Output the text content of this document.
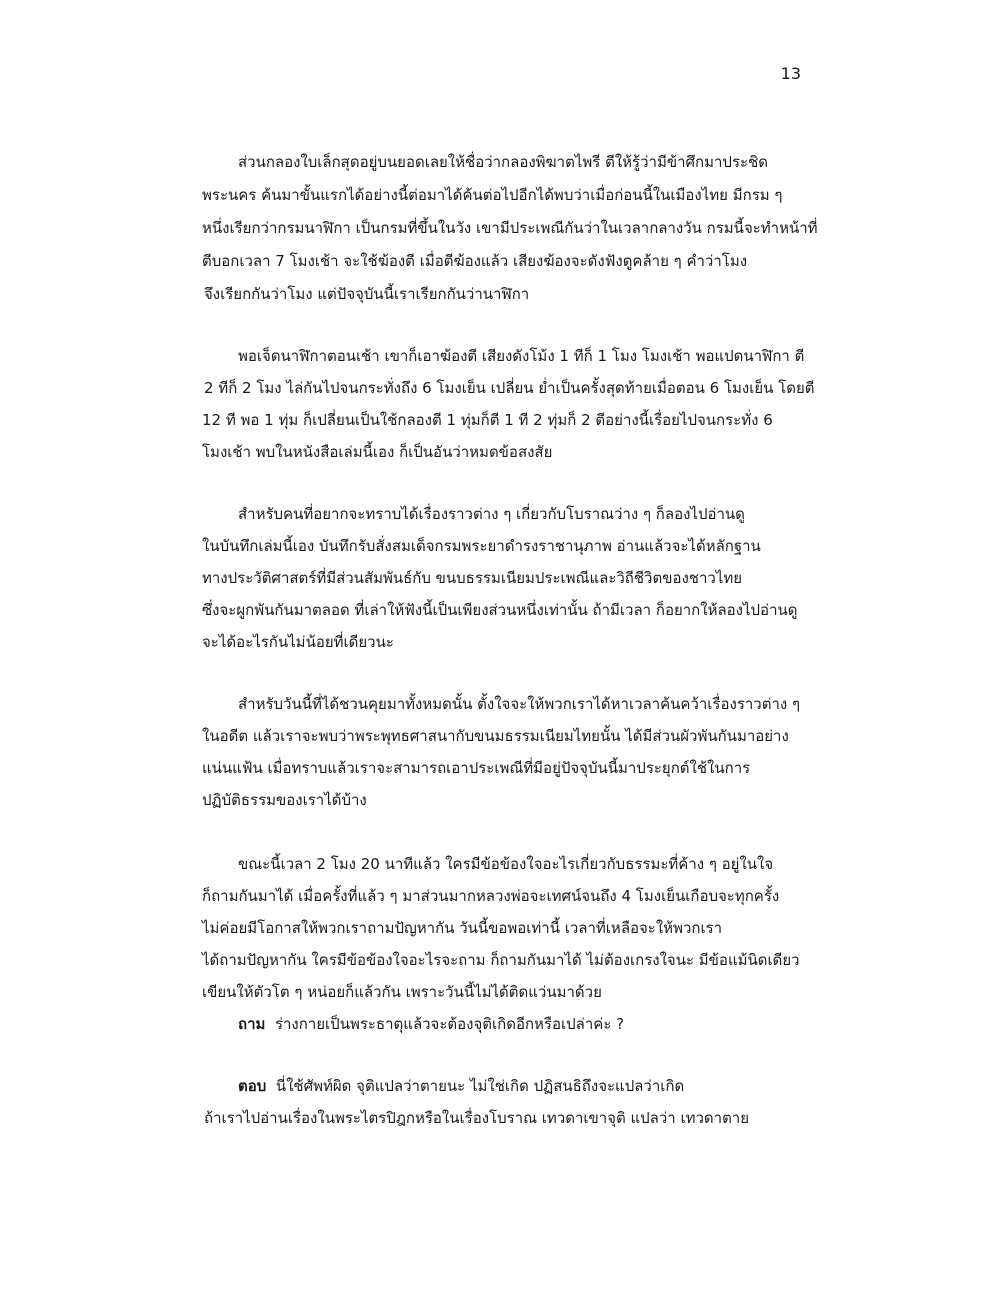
13
ส่วนกลองใบเล็กสุดอยู่บนยอดเลยให้ชื่อว่ากลองพิฆาตไพรี ตีให้รู้ว่ามีข้าศึกมาประชิด
พระนคร ค้นมาขั้นแรกได้อย่างนี้ต่อมาได้ค้นต่อไปอีกได้พบว่าเมื่อก่อนนี้ในเมืองไทย มีกรม ๆ
หนึ่งเรียกว่ากรมนาฬิกา เป็นกรมที่ขึ้นในวัง เขามีประเพณีกันว่าในเวลากลางวัน กรมนี้จะทำหน้าที่
ตีบอกเวลา 7 โมงเช้า จะใช้ฆ้องตี เมื่อตีฆ้องแล้ว เสียงฆ้องจะดังฟังดูคล้าย ๆ คำว่าโมง
จึงเรียกกันว่าโมง แต่ปัจจุบันนี้เราเรียกกันว่านาฬิกา
พอเจ็ดนาฬิกาตอนเช้า เขาก็เอาฆ้องตี เสียงดังโม้ง 1 ทีก็ 1 โมง โมงเช้า พอแปดนาฬิกา ตี
2 ทีก็ 2 โมง ไล่กันไปจนกระทั่งถึง 6 โมงเย็น เปลี่ยน ย่ำเป็นครั้งสุดท้ายเมื่อตอน 6 โมงเย็น โดยตี
12 ที พอ 1 ทุ่ม ก็เปลี่ยนเป็นใช้กลองตี 1 ทุ่มก็ตี 1 ที 2 ทุ่มก็ 2 ตีอย่างนี้เรื่อยไปจนกระทั่ง 6
โมงเช้า พบในหนังสือเล่มนี้เอง ก็เป็นอันว่าหมดข้อสงสัย
สำหรับคนที่อยากจะทราบได้เรื่องราวต่าง ๆ เกี่ยวกับโบราณว่าง ๆ ก็ลองไปอ่านดู
ในบันทึกเล่มนี้เอง บันทึกรับสั่งสมเด็จกรมพระยาดำรงราชานุภาพ อ่านแล้วจะได้หลักฐาน
ทางประวัติศาสตร์ที่มีส่วนสัมพันธ์กับ ขนบธรรมเนียมประเพณีและวิถีชีวิตของชาวไทย
ซึ่งจะผูกพันกันมาตลอด ที่เล่าให้ฟังนี้เป็นเพียงส่วนหนึ่งเท่านั้น ถ้ามีเวลา ก็อยากให้ลองไปอ่านดู
จะได้อะไรกันไม่น้อยที่เดียวนะ
สำหรับวันนี้ที่ได้ชวนคุยมาทั้งหมดนั้น ตั้งใจจะให้พวกเราได้หาเวลาค้นคว้าเรื่องราวต่าง ๆ
ในอดีต แล้วเราจะพบว่าพระพุทธศาสนากับขนมธรรมเนียมไทยนั้น ได้มีส่วนผัวพันกันมาอย่าง
แน่นแฟ้น เมื่อทราบแล้วเราจะสามารถเอาประเพณีที่มีอยู่ปัจจุบันนี้มาประยุกต์ใช้ในการ
ปฏิบัติธรรมของเราได้บ้าง
ขณะนี้เวลา 2 โมง 20 นาทีแล้ว ใครมีข้อข้องใจอะไรเกี่ยวกับธรรมะที่ค้าง ๆ อยู่ในใจ
ก็ถามกันมาได้ เมื่อครั้งที่แล้ว ๆ มาส่วนมากหลวงพ่อจะเทศน์จนถึง 4 โมงเย็นเกือบจะทุกครั้ง
ไม่ค่อยมีโอกาสให้พวกเราถามปัญหากัน วันนี้ขอพอเท่านี้ เวลาที่เหลือจะให้พวกเรา
ได้ถามปัญหากัน ใครมีข้อข้องใจอะไรจะถาม ก็ถามกันมาได้ ไม่ต้องเกรงใจนะ มีข้อแม้นิดเดียว
เขียนให้ตัวโต ๆ หน่อยก็แล้วกัน เพราะวันนี้ไม่ได้ติดแว่นมาด้วย
ถาม ร่างกายเป็นพระธาตุแล้วจะต้องจุติเกิดอีกหรือเปล่าค่ะ ?
ตอบ นี่ใช้ศัพท์ผิด จุติแปลว่าตายนะ ไม่ใช่เกิด ปฏิสนธิถึงจะแปลว่าเกิด
ถ้าเราไปอ่านเรื่องในพระไตรปิฎกหรือในเรื่องโบราณ เทวดาเขาจุติ แปลว่า เทวดาตาย
